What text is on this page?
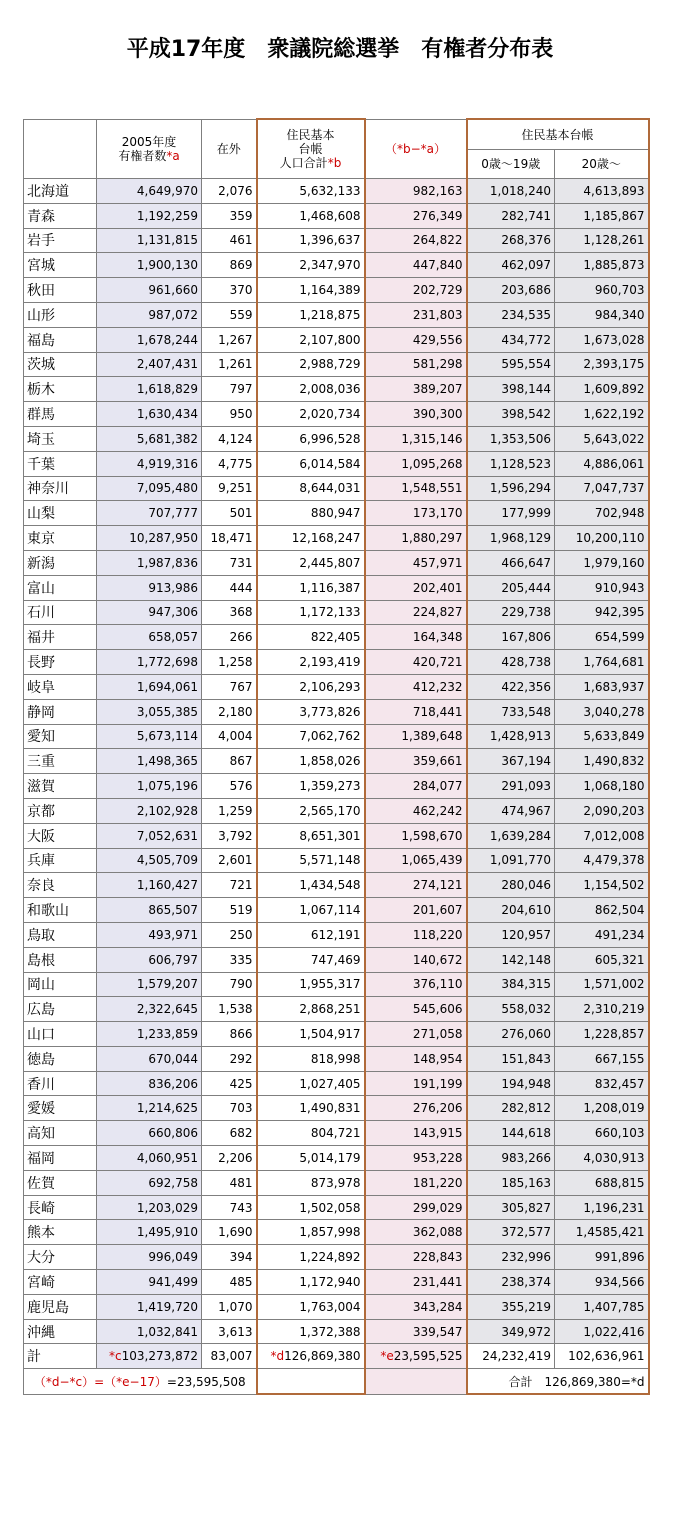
平成17年度　衆議院総選挙　有権者分布表
	2005年度
有権者数*a	在外	住民基本
台帳
人口合計*b	（*b−*a）	住民基本台帳	
					0歳～19歳	20歳～
北海道	4,649,970	2,076	5,632,133	982,163	1,018,240	4,613,893
青森	1,192,259	359	1,468,608	276,349	282,741	1,185,867
岩手	1,131,815	461	1,396,637	264,822	268,376	1,128,261
宮城	1,900,130	869	2,347,970	447,840	462,097	1,885,873
秋田	961,660	370	1,164,389	202,729	203,686	960,703
山形	987,072	559	1,218,875	231,803	234,535	984,340
福島	1,678,244	1,267	2,107,800	429,556	434,772	1,673,028
茨城	2,407,431	1,261	2,988,729	581,298	595,554	2,393,175
栃木	1,618,829	797	2,008,036	389,207	398,144	1,609,892
群馬	1,630,434	950	2,020,734	390,300	398,542	1,622,192
埼玉	5,681,382	4,124	6,996,528	1,315,146	1,353,506	5,643,022
千葉	4,919,316	4,775	6,014,584	1,095,268	1,128,523	4,886,061
神奈川	7,095,480	9,251	8,644,031	1,548,551	1,596,294	7,047,737
山梨	707,777	501	880,947	173,170	177,999	702,948
東京	10,287,950	18,471	12,168,247	1,880,297	1,968,129	10,200,110
新潟	1,987,836	731	2,445,807	457,971	466,647	1,979,160
富山	913,986	444	1,116,387	202,401	205,444	910,943
石川	947,306	368	1,172,133	224,827	229,738	942,395
福井	658,057	266	822,405	164,348	167,806	654,599
長野	1,772,698	1,258	2,193,419	420,721	428,738	1,764,681
岐阜	1,694,061	767	2,106,293	412,232	422,356	1,683,937
静岡	3,055,385	2,180	3,773,826	718,441	733,548	3,040,278
愛知	5,673,114	4,004	7,062,762	1,389,648	1,428,913	5,633,849
三重	1,498,365	867	1,858,026	359,661	367,194	1,490,832
滋賀	1,075,196	576	1,359,273	284,077	291,093	1,068,180
京都	2,102,928	1,259	2,565,170	462,242	474,967	2,090,203
大阪	7,052,631	3,792	8,651,301	1,598,670	1,639,284	7,012,008
兵庫	4,505,709	2,601	5,571,148	1,065,439	1,091,770	4,479,378
奈良	1,160,427	721	1,434,548	274,121	280,046	1,154,502
和歌山	865,507	519	1,067,114	201,607	204,610	862,504
鳥取	493,971	250	612,191	118,220	120,957	491,234
島根	606,797	335	747,469	140,672	142,148	605,321
岡山	1,579,207	790	1,955,317	376,110	384,315	1,571,002
広島	2,322,645	1,538	2,868,251	545,606	558,032	2,310,219
山口	1,233,859	866	1,504,917	271,058	276,060	1,228,857
徳島	670,044	292	818,998	148,954	151,843	667,155
香川	836,206	425	1,027,405	191,199	194,948	832,457
愛媛	1,214,625	703	1,490,831	276,206	282,812	1,208,019
高知	660,806	682	804,721	143,915	144,618	660,103
福岡	4,060,951	2,206	5,014,179	953,228	983,266	4,030,913
佐賀	692,758	481	873,978	181,220	185,163	688,815
長崎	1,203,029	743	1,502,058	299,029	305,827	1,196,231
熊本	1,495,910	1,690	1,857,998	362,088	372,577	1,4585,421
大分	996,049	394	1,224,892	228,843	232,996	991,896
宮崎	941,499	485	1,172,940	231,441	238,374	934,566
鹿児島	1,419,720	1,070	1,763,004	343,284	355,219	1,407,785
沖縄	1,032,841	3,613	1,372,388	339,547	349,972	1,022,416
計	*c103,273,872	83,007	*d126,869,380	*e23,595,525	24,232,419	102,636,961
（*d−*c）=（*e−17）=23,595,508					合計　126,869,380=*d	
